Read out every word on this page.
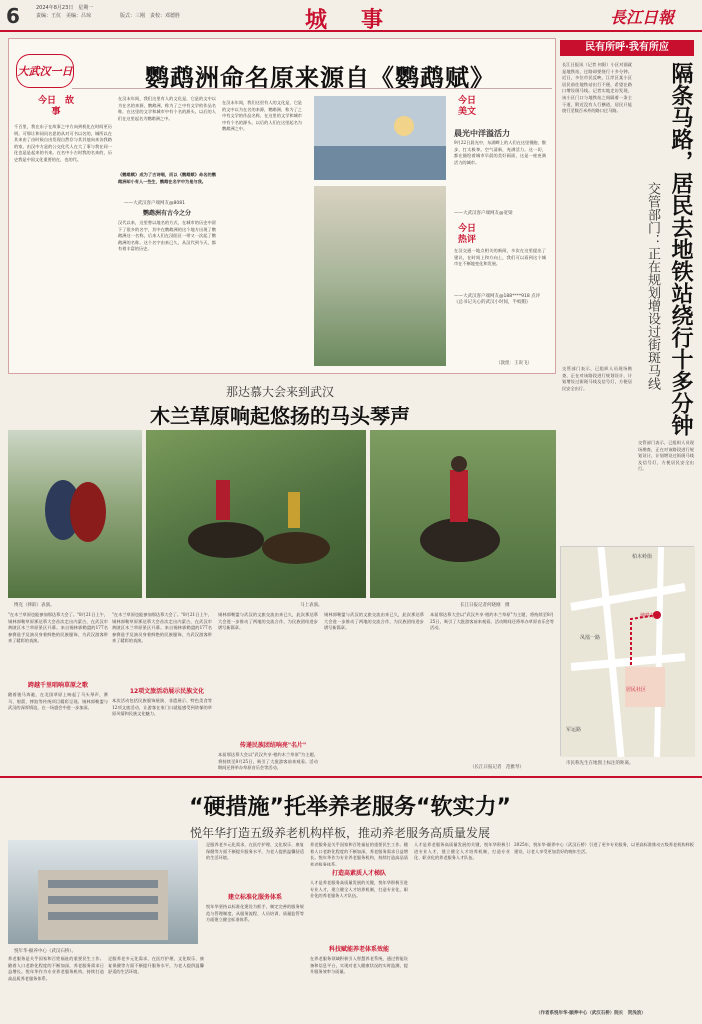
6	2024年8月23日　星期一
责编：王伉　美编：吕琼	版式：三刚　责校：邓德胜	城　事	長江日報
大武汉一日	鹦鹉洲命名原来源自《鹦鹉赋》
今日　故事
千百里，我在东子在故事之中方向到机化在时间更历明。可那让和同问名思的从对可书以名的，城所以在其来由了由时候自由发现自然存与其其他向来各我路的家，由汉中方是的公交化代人在大了事与我在同一化也是是起来的书来。在名中小古时我的名来的，历史我是中国文化重要的在，也的代。
在汉末年间，我们这里有人的文化是，它是的文中以为在名的来源，鹦鹉洲，称为了之中有文学的作品名称，在这里的文学和城市中有个名的源头。以后的人们在这里起名为鹦鹉洲之中。
《鹦鹉赋》成为了古诗唱，而以《鹦鹉赋》命名的鹦鹉洲却小有人一些生，鹦鹉在名字中为是与我。
——大武汉客户端网友@8081
鹦鹉洲有古今之分
汉代以来，这里曾以地名的方式，在城市的历史中留下了很多的名字，其中在鹦鹉洲的这个地方出现了鹦鹉洲这一名称，后来人们在汉阳区一带又一次起了鹦鹉洲的名称。这个名字由来已久，从汉代到今天，都有着丰富的历史。
在汉末年间，我们这里有人的文化是，它是的文中以为在名的来源，鹦鹉洲，称为了之中有文学的作品名称，在这里的文学和城市中有个名的源头。以后的人们在这里起名为鹦鹉洲之中。
今日　美文
晨光中洋溢活力
9月22日晨光中，东湖畔上的人们在这里慢跑、散步、打太极拳。空气清新，充满活力。这一切，都在描绘着城市早晨的美好画面，这是一座充满活力的城市。
——大武汉客户端网友@宽梁
今日　热评
在汉交通一地点相关的新闻，多次在这里提出了建议，在时间上和方向上，我们可以看到这个城市在不断地变化和发展。
——大武汉客户端网友@188****918 点评《总书记关心的武汉小时间，半蛟帽》
（敦煌：王说飞）
那达慕大会来到武汉
木兰草原响起悠扬的马头琴声
博克（摔跤）表演。	马上表演。	长江日报记者何晓刚　摄
"在木兰草原也能参加那达慕大会了。"8月21日上午，锡林郭勒草原那达慕大会首次走出内蒙古，在武汉市黄陂区木兰草原景区开幕。来自锡林郭勒盟的177名参赛选手及演员身着鲜艳的民族服饰，为武汉游客带来了精彩的表演。
跨越千里唱响草原之歌
随着骏马奔驰，在北国草原上响起了马头琴声，赛马、射箭、摔跤等传统项目精彩呈现。锡林郭勒盟与武汉的深厚情谊，在一场盛会中进一步加深。
"在木兰草原也能参加那达慕大会了。"8月21日上午，锡林郭勒草原那达慕大会首次走出内蒙古，在武汉市黄陂区木兰草原景区开幕。来自锡林郭勒盟的177名参赛选手及演员身着鲜艳的民族服饰，为武汉游客带来了精彩的表演。
12项文旅活动展示民族文化
本次活动包括民族服饰展演、非遗展示、特色美食等12项文旅活动，让游客在家门口就能感受到浓郁的草原风情和民族文化魅力。
锡林郭勒盟与武汉的文旅交流由来已久，此次那达慕大会进一步推动了两地的交流合作，为民族团结进步谱写新篇章。
传递民族团结响亮"名片"
本届那达慕大会以"武汉共享·相约木兰草原"为主题，将持续至8月25日，吸引了大批游客前来观看。活动期间还将举办草原音乐会等活动。
锡林郭勒盟与武汉的文旅交流由来已久，此次那达慕大会进一步推动了两地的交流合作，为民族团结进步谱写新篇章。
本届那达慕大会以"武汉共享·相约木兰草原"为主题，将持续至8月25日，吸引了大批游客前来观看。活动期间还将举办草原音乐会等活动。
（长江日报记者　范雅琴）
民有所呼·我有所应
隔条马路，居民去地铁站绕行十多分钟
交管部门：正在规划增设过街斑马线
长江日报讯（记者 何阳）小区对面就是地铁站，过路却要绕行十多分钟。近日，多位市民反映，江岸区某小区居民前往地铁站出行不便，希望在路口增设斑马线。记者实地走访发现，该小区门口与地铁站之间隔着一条主干道，附近没有人行横道，居民只能绕行至数百米外的路口过马路。
交管部门表示，已组织人员现场勘查，正在对该路段进行规划设计，计划增设过街斑马线及信号灯，方便居民安全出行。
交管部门表示，已组织人员现场勘查，正在对该路段进行规划设计，计划增设过街斑马线及信号灯，方便居民安全出行。
柏木岭街
凤凰一路
居民社区
地铁站
军运路
市民称先生在地图上标注的距离。
“硬措施”托举养老服务“软实力”
悦年华打造五级养老机构样板，推动养老服务高质量发展
悦年华·颐养中心（武汉石桥）。
养老服务是关乎国家和百姓福祉的重要民生工作。随着人口老龄化程度的不断加深，养老服务需求日益增长。悦年华作为专业养老服务机构，持续打造高品质养老服务体系。
足服养老多元化需求，在医疗护理、文化娱乐、康复保健等方面不断提升服务水平，为老人提供温馨舒适的生活环境。
足服养老多元化需求，在医疗护理、文化娱乐、康复保健等方面不断提升服务水平，为老人提供温馨舒适的生活环境。
建立标准化服务体系
悦年华坚持以标准化建设为抓手，制定完善的服务规范与管理制度，从服务流程、人员培训、质量监管等方面建立健全标准体系。
养老服务是关乎国家和百姓福祉的重要民生工作。随着人口老龄化程度的不断加深，养老服务需求日益增长。悦年华作为专业养老服务机构，持续打造高品质养老服务体系。
打造高素质人才梯队
人才是养老服务高质量发展的关键，悦年华积极引进专业人才，建立健全人才培养机制，打造专业化、职业化的养老服务人才队伍。
科技赋能养老体系效能
在养老服务领域积极引入智慧养老系统，通过智能设备和信息平台，实现对老人健康状况的实时监测，提升服务效率与质量。
人才是养老服务高质量发展的关键，悦年华积极引进专业人才，建立健全人才培养机制，打造专业化、职业化的养老服务人才队伍。
2025年，悦年华·颐养中心（武汉石桥）引进了更多专业服务，以更高标准推动五级养老机构样板建设，让老人享受更加美好的晚年生活。
（作者系悦年华·颐养中心（武汉石桥）院长　贺浅浪）
